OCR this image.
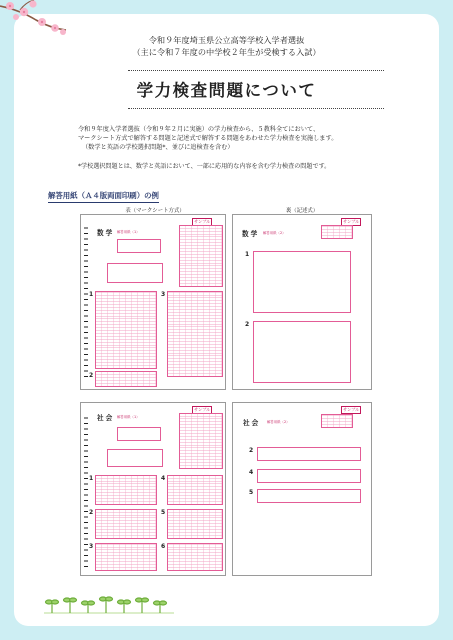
令和９年度埼玉県公立高等学校入学者選抜
（主に令和７年度の中学校２年生が受検する入試）
学力検査問題について
令和９年度入学者選抜（令和９年２月に実施）の学力検査から、５教科全てにおいて、
マークシート方式で解答する問題と記述式で解答する問題をあわせた学力検査を実施します。
（数学と英語の学校選択問題*、並びに追検査を含む）
*学校選択問題とは、数学と英語において、一部に応用的な内容を含む学力検査の問題です。
解答用紙（Ａ４版両面印刷）の例
表（マークシート方式）	裏（記述式）
数学 解答用紙（1）
サンプル
1	3
2
数学 解答用紙（2）
サンプル
1
2
社会 解答用紙（1）
サンプル
1
2
3
4
5
6
社会 解答用紙（2）
サンプル
2
4
5
